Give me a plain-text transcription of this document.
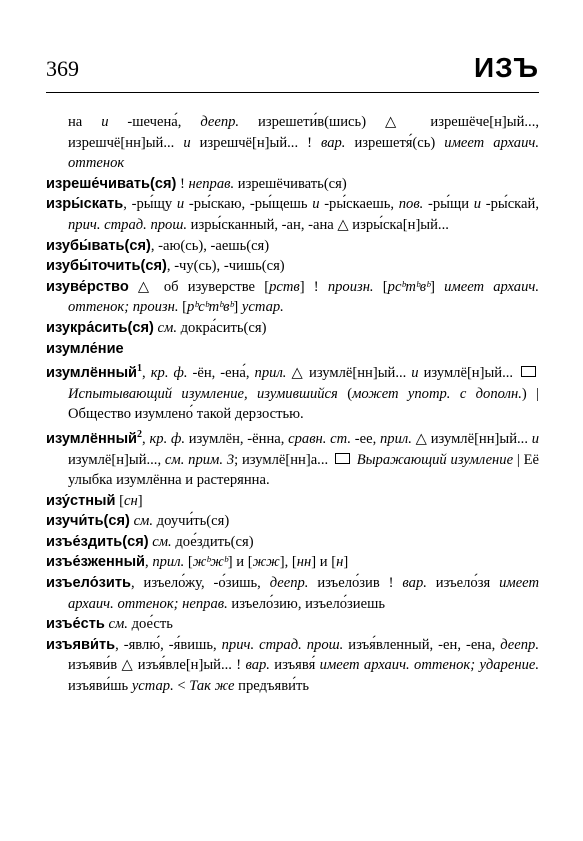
369	ИЗЪ

на и -шечена́, деепр. изрешети́в(шись) △ изрешёче[н]ый..., изрешчё[нн]ый... и изрешчё[н]ый... ! вар. изрешетя́(сь) имеет архаич. оттенок

изреше́чивать(ся) ! неправ. изрешёчивать(ся)

изры́скать, -ры́щу и -ры́скаю, -ры́щешь и -ры́скаешь, пов. -ры́щи и -ры́скай, прич. страд. прош. изры́сканный, -ан, -ана △ изры́ска[н]ый...

изубы́вать(ся), -аю(сь), -аешь(ся)

изубы́точить(ся), -чу(сь), -чишь(ся)

изуве́рство △ об изуверстве [рств] ! произн. [рсᵇтᵇвᵇ] имеет архаич. оттенок; произн. [рᵇсᵇтᵇвᵇ] устар.

изукра́сить(ся) см. докра́сить(ся)

изумле́ние

изумлённый$^1$, кр. ф. -ён, -ена́, прил. △ изумлё[нн]ый... и изумлё[н]ый...  Испытывающий изумление, изумившийся (может употр. с дополн.) | Общество изумлено́ такой дерзостью.

изумлённый$^2$, кр. ф. изумлён, -ённа, сравн. ст. -ее, прил. △ изумлё[нн]ый... и изумлё[н]ый..., см. прим. 3; изумлё[нн]а...  Выражающий изумление | Её улыбка изумлённа и растерянна.

изу́стный [сн]

изучи́ть(ся) см. доучи́ть(ся)

изъе́здить(ся) см. дое́здить(ся)

изъе́зженный, прил. [жᵇжᵇ] и [жж], [нн] и [н]

изъело́зить, изъело́жу, -о́зишь, деепр. изъело́зив ! вар. изъело́зя имеет архаич. оттенок; неправ. изъело́зию, изъело́зиешь

изъе́сть см. дое́сть

изъяви́ть, -явлю́, -я́вишь, прич. страд. прош. изъя́вленный, -ен, -ена, деепр. изъяви́в △ изъя́вле[н]ый... ! вар. изъявя́ имеет архаич. оттенок; ударение. изъяви́шь устар. < Так же предъяви́ть
